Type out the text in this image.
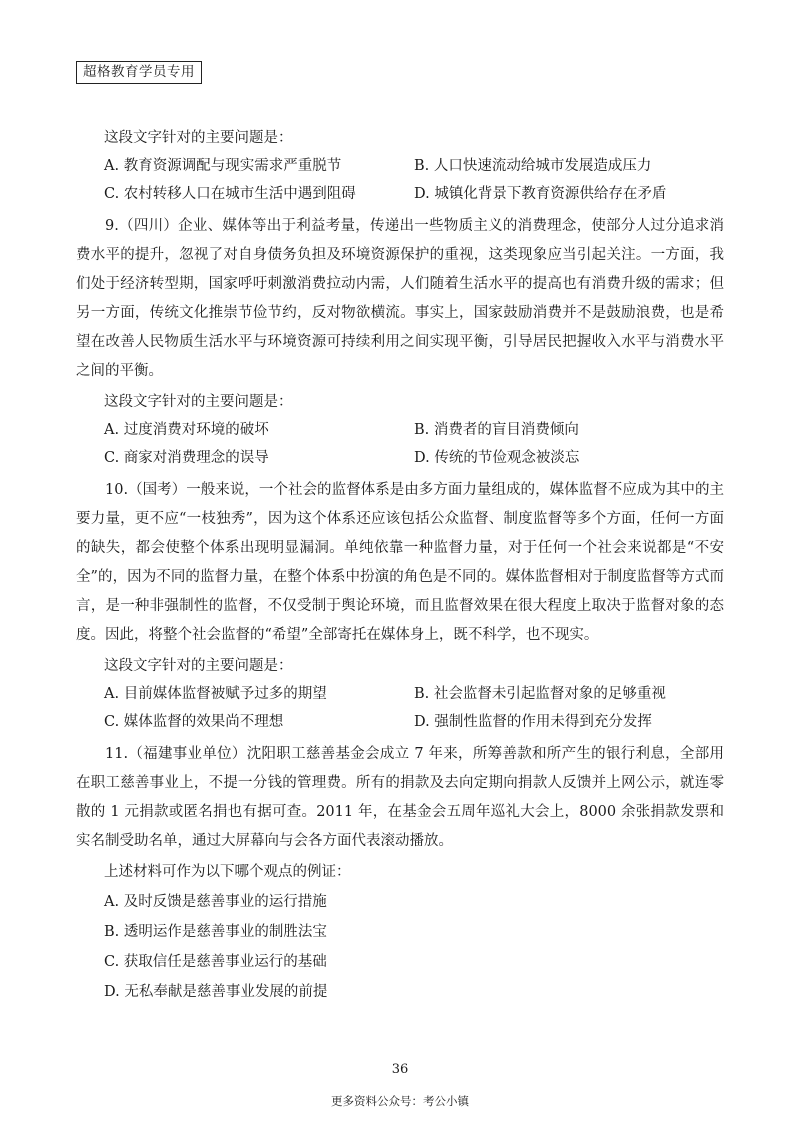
超格教育学员专用
这段文字针对的主要问题是：
A. 教育资源调配与现实需求严重脱节	B. 人口快速流动给城市发展造成压力
C. 农村转移人口在城市生活中遇到阻碍	D. 城镇化背景下教育资源供给存在矛盾

9.（四川）企业、媒体等出于利益考量，传递出一些物质主义的消费理念，使部分人过分追求消费水平的提升，忽视了对自身债务负担及环境资源保护的重视，这类现象应当引起关注。一方面，我们处于经济转型期，国家呼吁刺激消费拉动内需，人们随着生活水平的提高也有消费升级的需求；但另一方面，传统文化推崇节俭节约，反对物欲横流。事实上，国家鼓励消费并不是鼓励浪费，也是希望在改善人民物质生活水平与环境资源可持续利用之间实现平衡，引导居民把握收入水平与消费水平之间的平衡。

这段文字针对的主要问题是：
A. 过度消费对环境的破坏	B. 消费者的盲目消费倾向
C. 商家对消费理念的误导	D. 传统的节俭观念被淡忘

10.（国考）一般来说，一个社会的监督体系是由多方面力量组成的，媒体监督不应成为其中的主要力量，更不应“一枝独秀”，因为这个体系还应该包括公众监督、制度监督等多个方面，任何一方面的缺失，都会使整个体系出现明显漏洞。单纯依靠一种监督力量，对于任何一个社会来说都是“不安全”的，因为不同的监督力量，在整个体系中扮演的角色是不同的。媒体监督相对于制度监督等方式而言，是一种非强制性的监督，不仅受制于舆论环境，而且监督效果在很大程度上取决于监督对象的态度。因此，将整个社会监督的“希望”全部寄托在媒体身上，既不科学，也不现实。

这段文字针对的主要问题是：
A. 目前媒体监督被赋予过多的期望	B. 社会监督未引起监督对象的足够重视
C. 媒体监督的效果尚不理想	D. 强制性监督的作用未得到充分发挥

11.（福建事业单位）沈阳职工慈善基金会成立 7 年来，所筹善款和所产生的银行利息，全部用在职工慈善事业上，不提一分钱的管理费。所有的捐款及去向定期向捐款人反馈并上网公示，就连零散的 1 元捐款或匿名捐也有据可查。2011 年，在基金会五周年巡礼大会上，8000 余张捐款发票和实名制受助名单，通过大屏幕向与会各方面代表滚动播放。

上述材料可作为以下哪个观点的例证：
A. 及时反馈是慈善事业的运行措施
B. 透明运作是慈善事业的制胜法宝
C. 获取信任是慈善事业运行的基础
D. 无私奉献是慈善事业发展的前提
36
更多资料公众号：考公小镇
